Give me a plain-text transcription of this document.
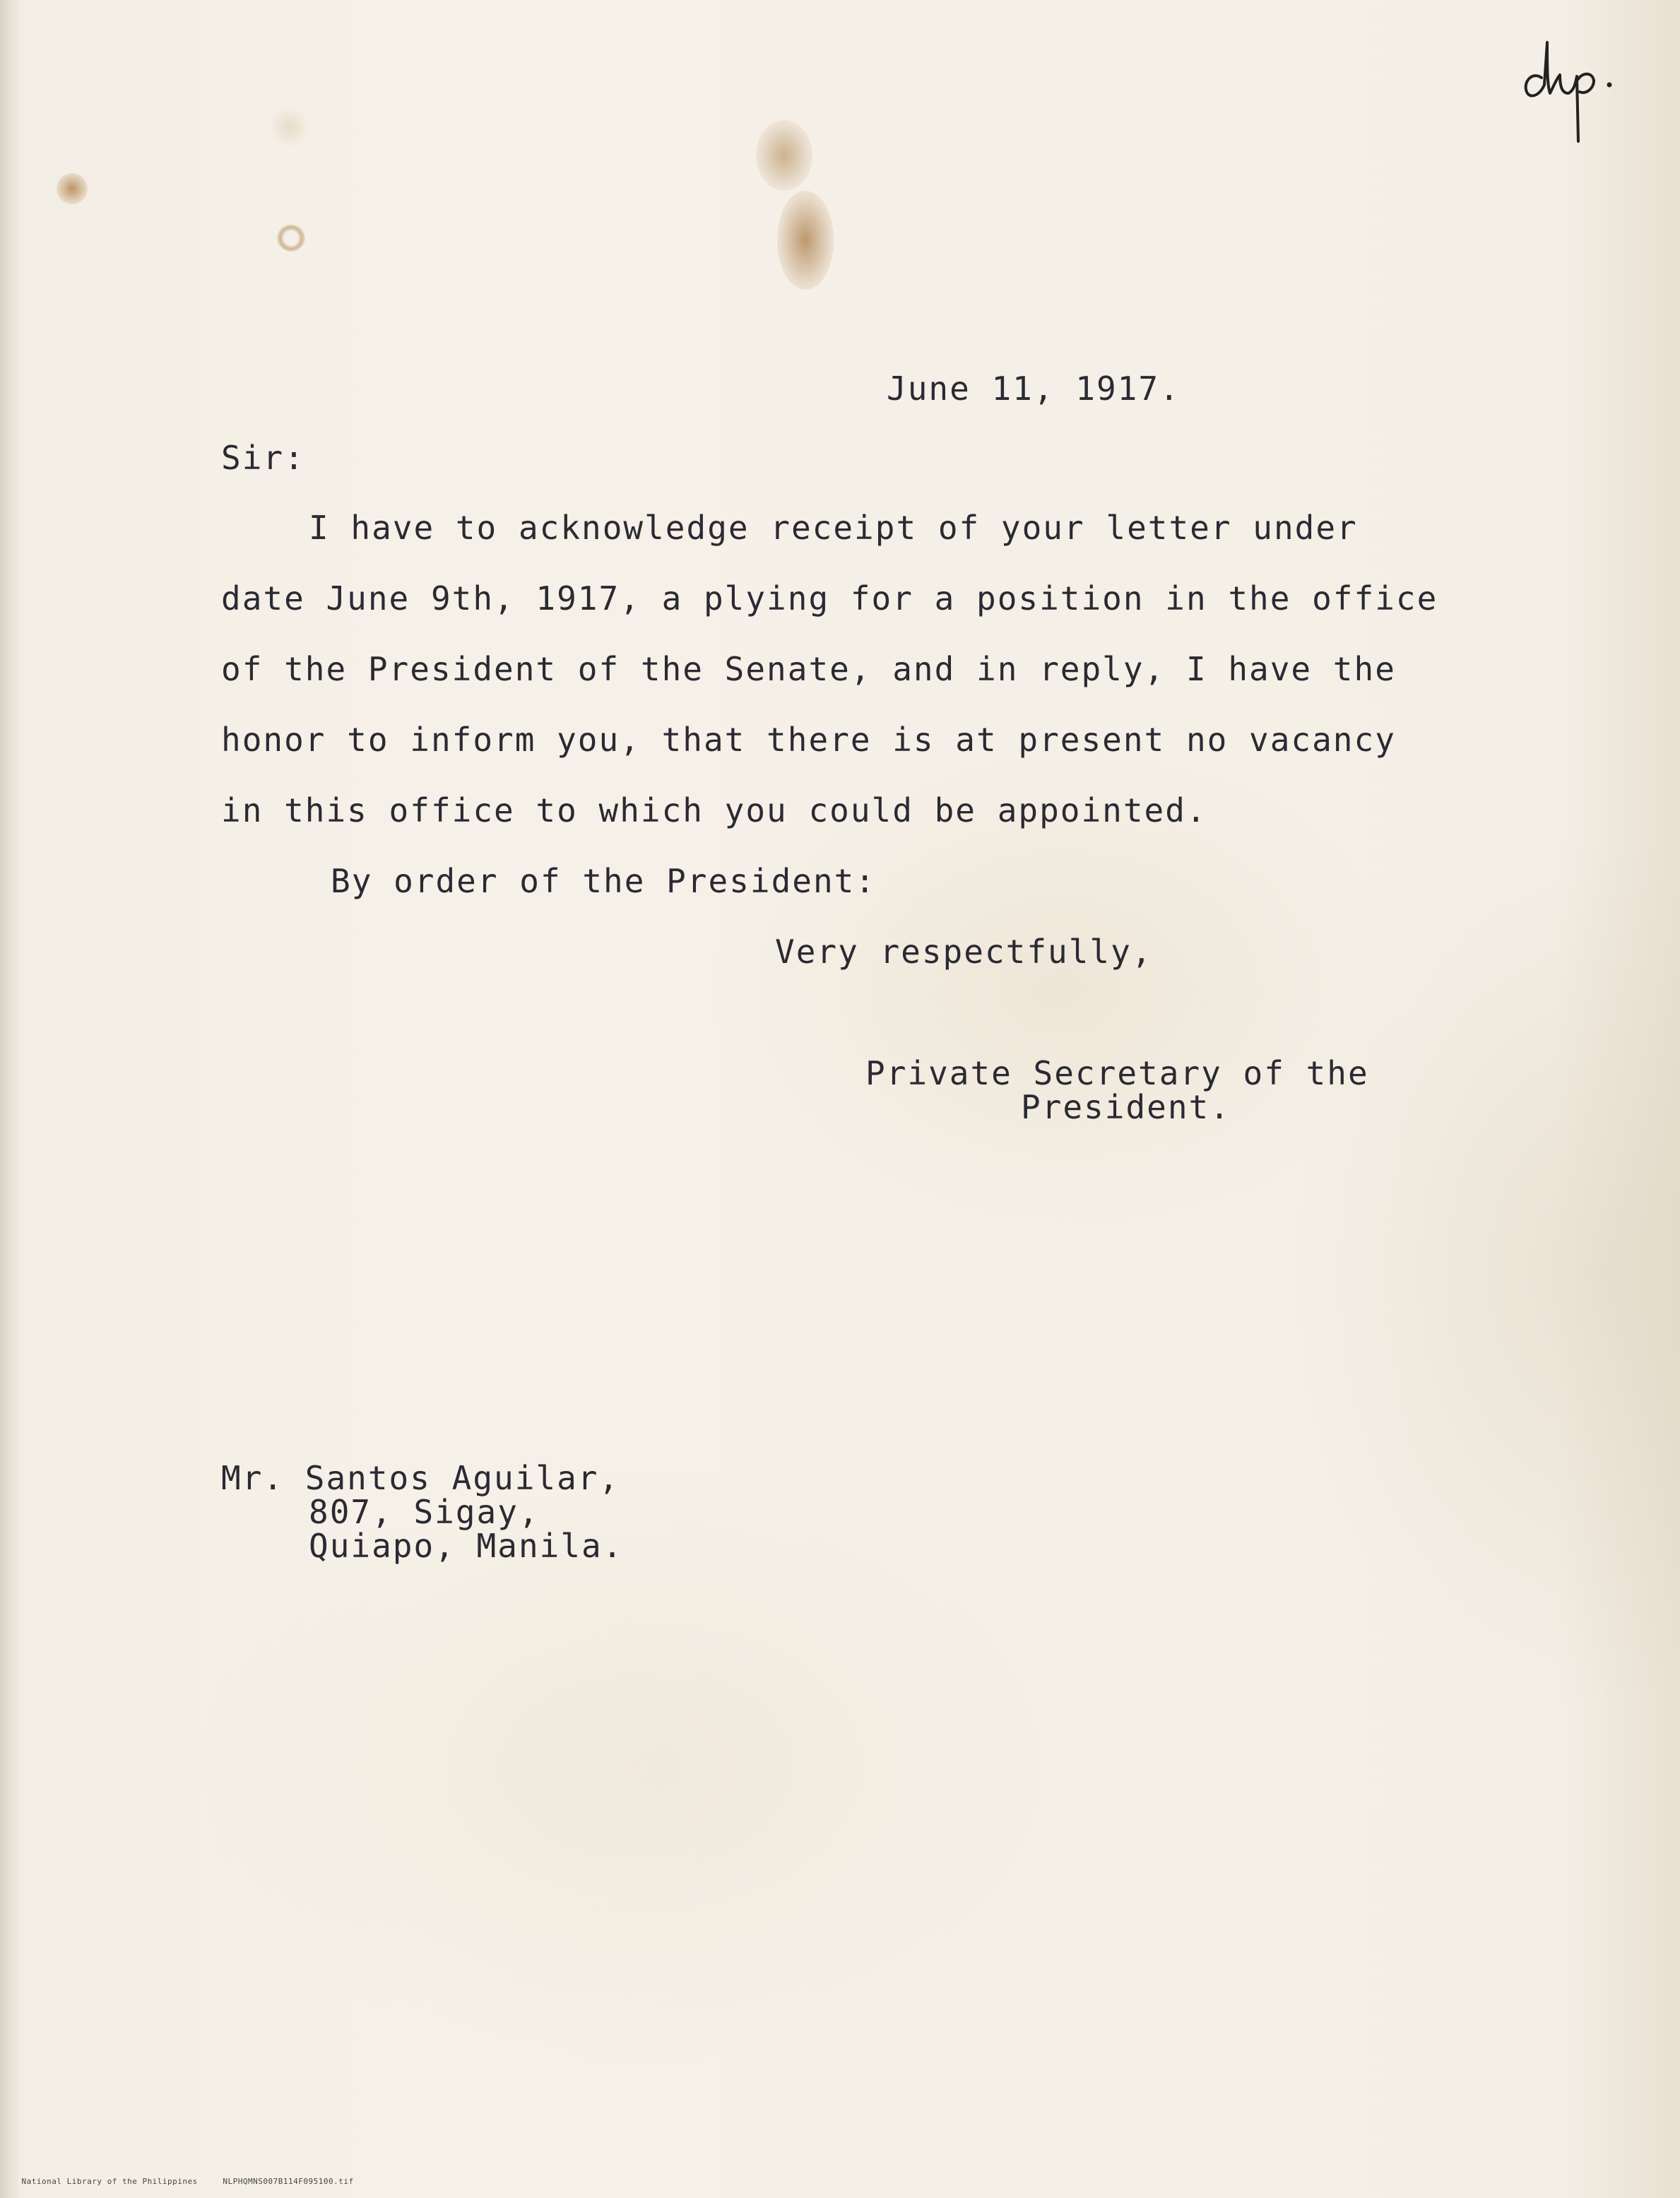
June 11, 1917.
Sir:
I have to acknowledge receipt of your letter under
date June 9th, 1917, a plying for a position in the office
of the President of the Senate, and in reply, I have the
honor to inform you, that there is at present no vacancy
in this office to which you could be appointed.
By order of the President:
Very respectfully,
Private Secretary of the
President.
Mr. Santos Aguilar,
807, Sigay,
Quiapo, Manila.

National Library of the Philippines	NLPHQMNS007B114F095100.tif
